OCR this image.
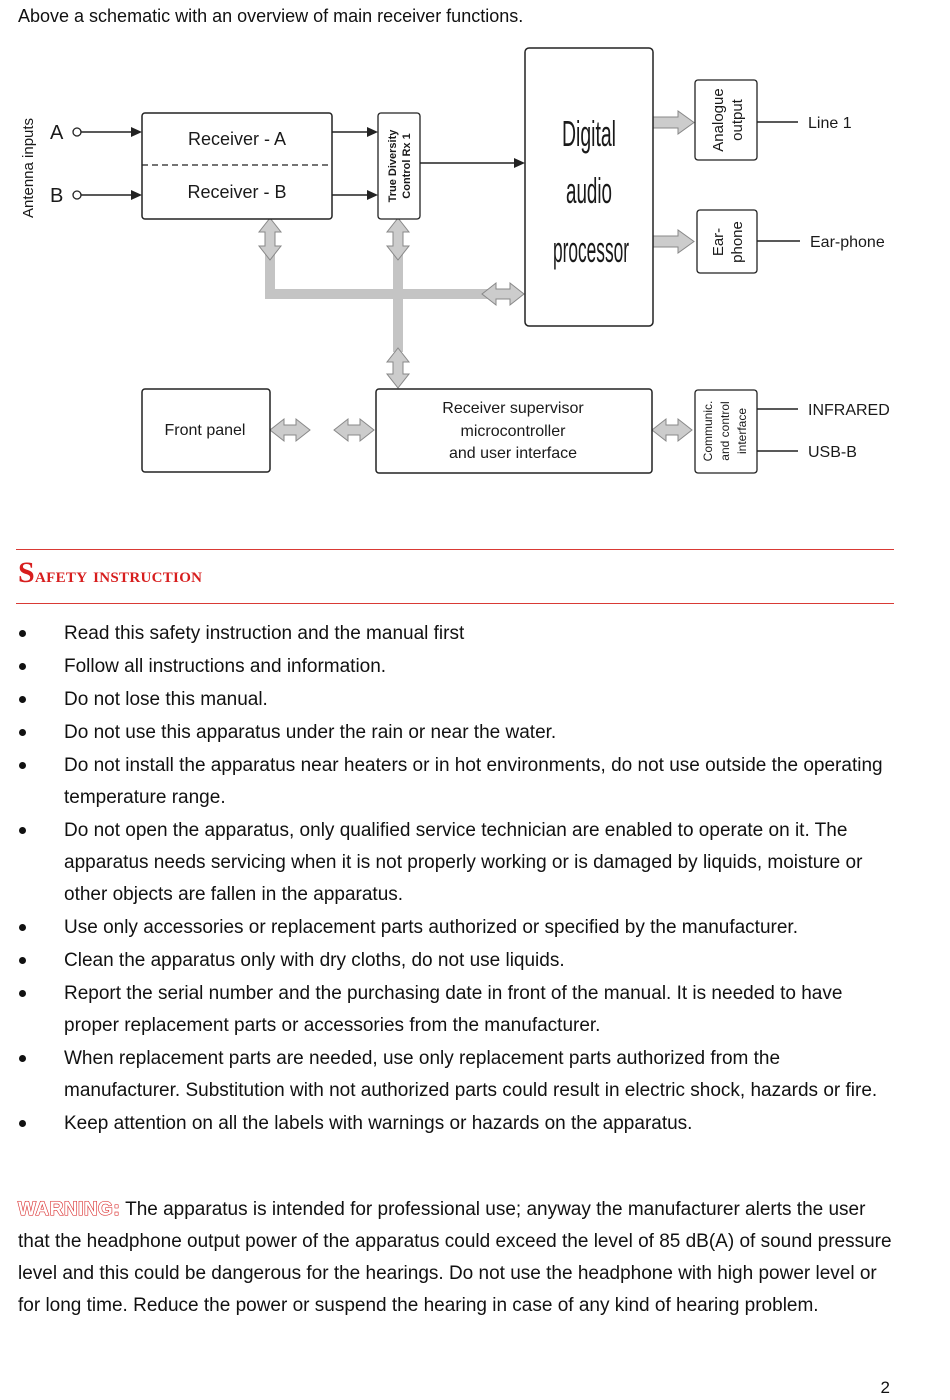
Above a schematic with an overview of main receiver functions.

Antenna inputs A
B
Receiver - A
Receiver - B	True Diversity Control Rx 1	Digital
audio
processor
Analogue output	Line 1
Ear- phone	Ear-phone
Front panel
Receiver supervisor
microcontroller
and user interface	Communic. and control interface	INFRARED
USB-B
Safety instruction
Read this safety instruction and the manual first
Follow all instructions and information.
Do not lose this manual.
Do not use this apparatus under the rain or near the water.
Do not install the apparatus near heaters or in hot environments, do not use outside the operating temperature range.
Do not open the apparatus, only qualified service technician are enabled to operate on it. The apparatus needs servicing when it is not properly working or is damaged by liquids, moisture or other objects are fallen in the apparatus.
Use only accessories or replacement parts authorized or specified by the manufacturer.
Clean the apparatus only with dry cloths, do not use liquids.
Report the serial number and the purchasing date in front of the manual. It is needed to have proper replacement parts or accessories from the manufacturer.
When replacement parts are needed, use only replacement parts authorized from the manufacturer. Substitution with not authorized parts could result in electric shock, hazards or fire.
Keep attention on all the labels with warnings or hazards on the apparatus.

WARNING: The apparatus is intended for professional use; anyway the manufacturer alerts the user that the headphone output power of the apparatus could exceed the level of 85 dB(A) of sound pressure level and this could be dangerous for the hearings. Do not use the headphone with high power level or for long time. Reduce the power or suspend the hearing in case of any kind of hearing problem.

2
